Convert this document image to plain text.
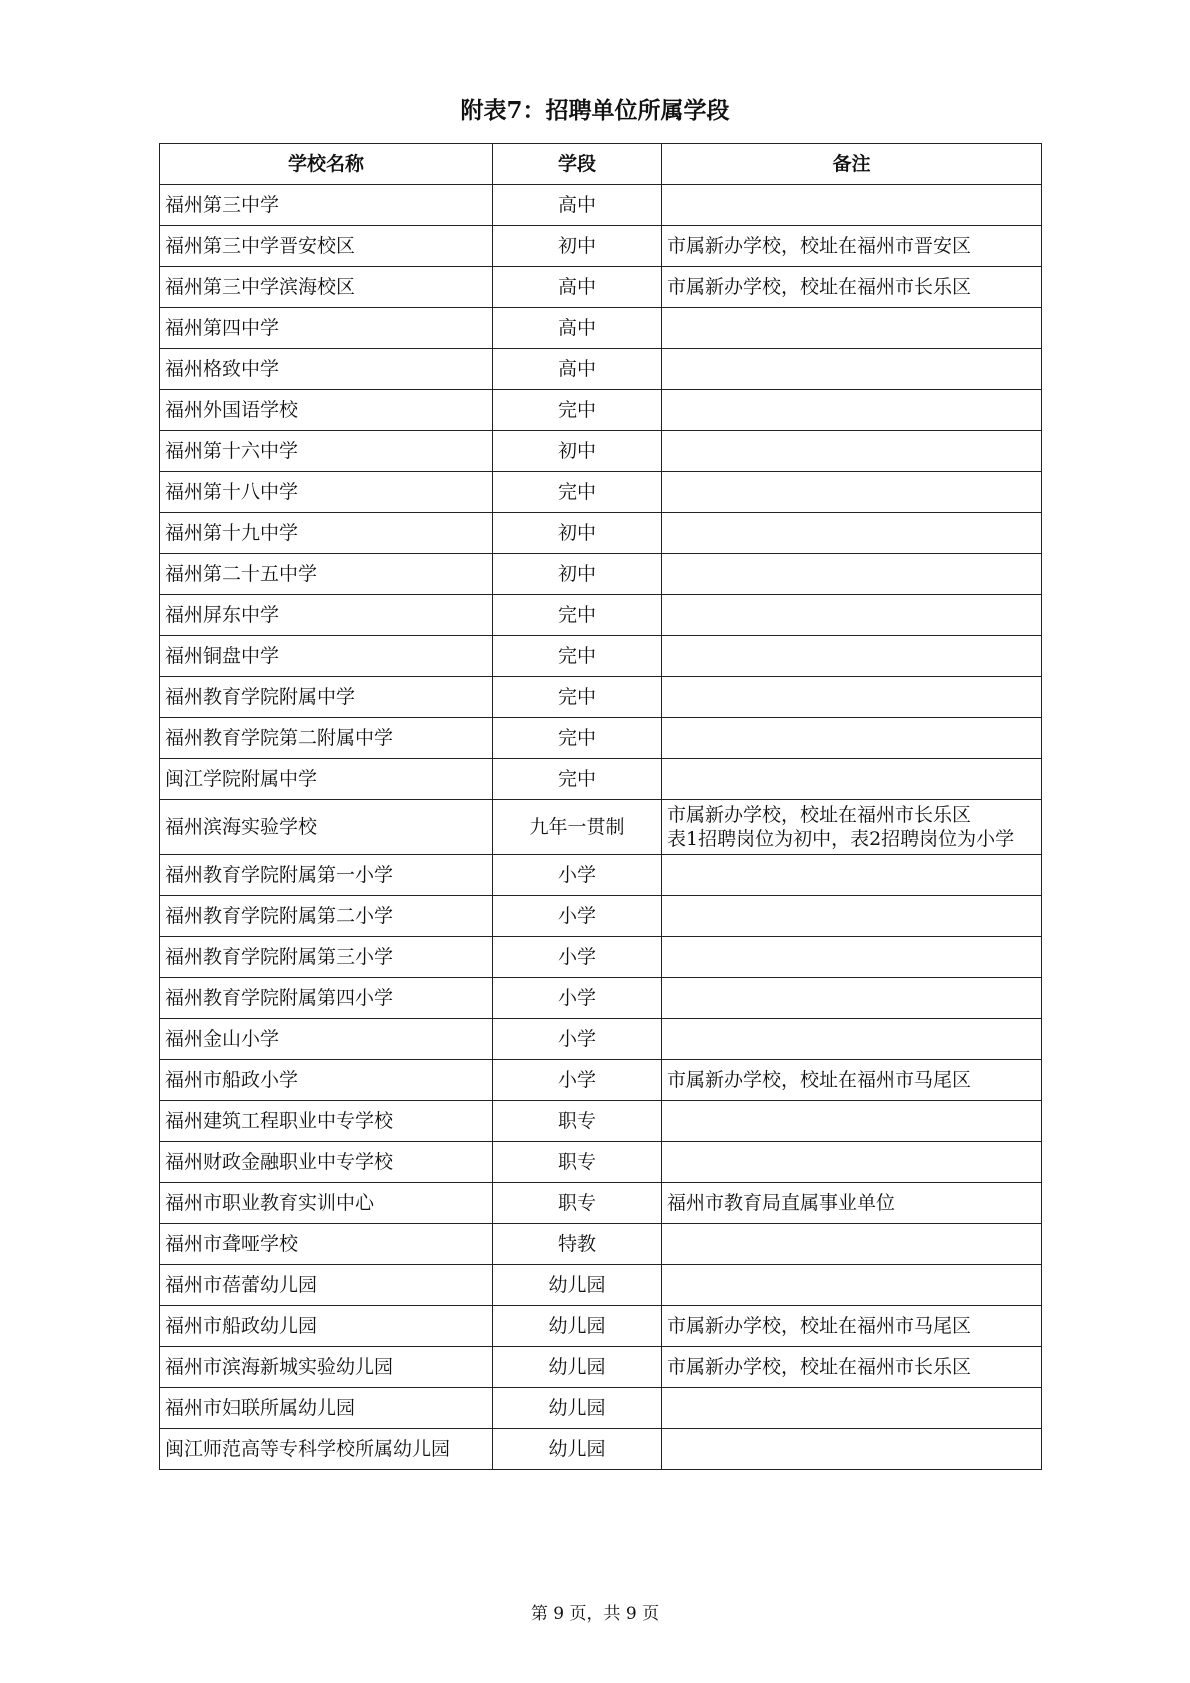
附表7：招聘单位所属学段
学校名称	学段	备注
福州第三中学	高中	
福州第三中学晋安校区	初中	市属新办学校，校址在福州市晋安区

福州第三中学滨海校区	高中	市属新办学校，校址在福州市长乐区

福州第四中学	高中	
福州格致中学	高中	
福州外国语学校	完中	
福州第十六中学	初中	
福州第十八中学	完中	
福州第十九中学	初中	
福州第二十五中学	初中	
福州屏东中学	完中	
福州铜盘中学	完中	
福州教育学院附属中学	完中	
福州教育学院第二附属中学	完中	
闽江学院附属中学	完中	
福州滨海实验学校	九年一贯制	市属新办学校，校址在福州市长乐区
表1招聘岗位为初中，表2招聘岗位为小学

福州教育学院附属第一小学	小学	
福州教育学院附属第二小学	小学	
福州教育学院附属第三小学	小学	
福州教育学院附属第四小学	小学	
福州金山小学	小学	
福州市船政小学	小学	市属新办学校，校址在福州市马尾区

福州建筑工程职业中专学校	职专	
福州财政金融职业中专学校	职专	
福州市职业教育实训中心	职专	福州市教育局直属事业单位

福州市聋哑学校	特教	
福州市蓓蕾幼儿园	幼儿园	
福州市船政幼儿园	幼儿园	市属新办学校，校址在福州市马尾区

福州市滨海新城实验幼儿园	幼儿园	市属新办学校，校址在福州市长乐区

福州市妇联所属幼儿园	幼儿园	
闽江师范高等专科学校所属幼儿园	幼儿园	
第 9 页，共 9 页
